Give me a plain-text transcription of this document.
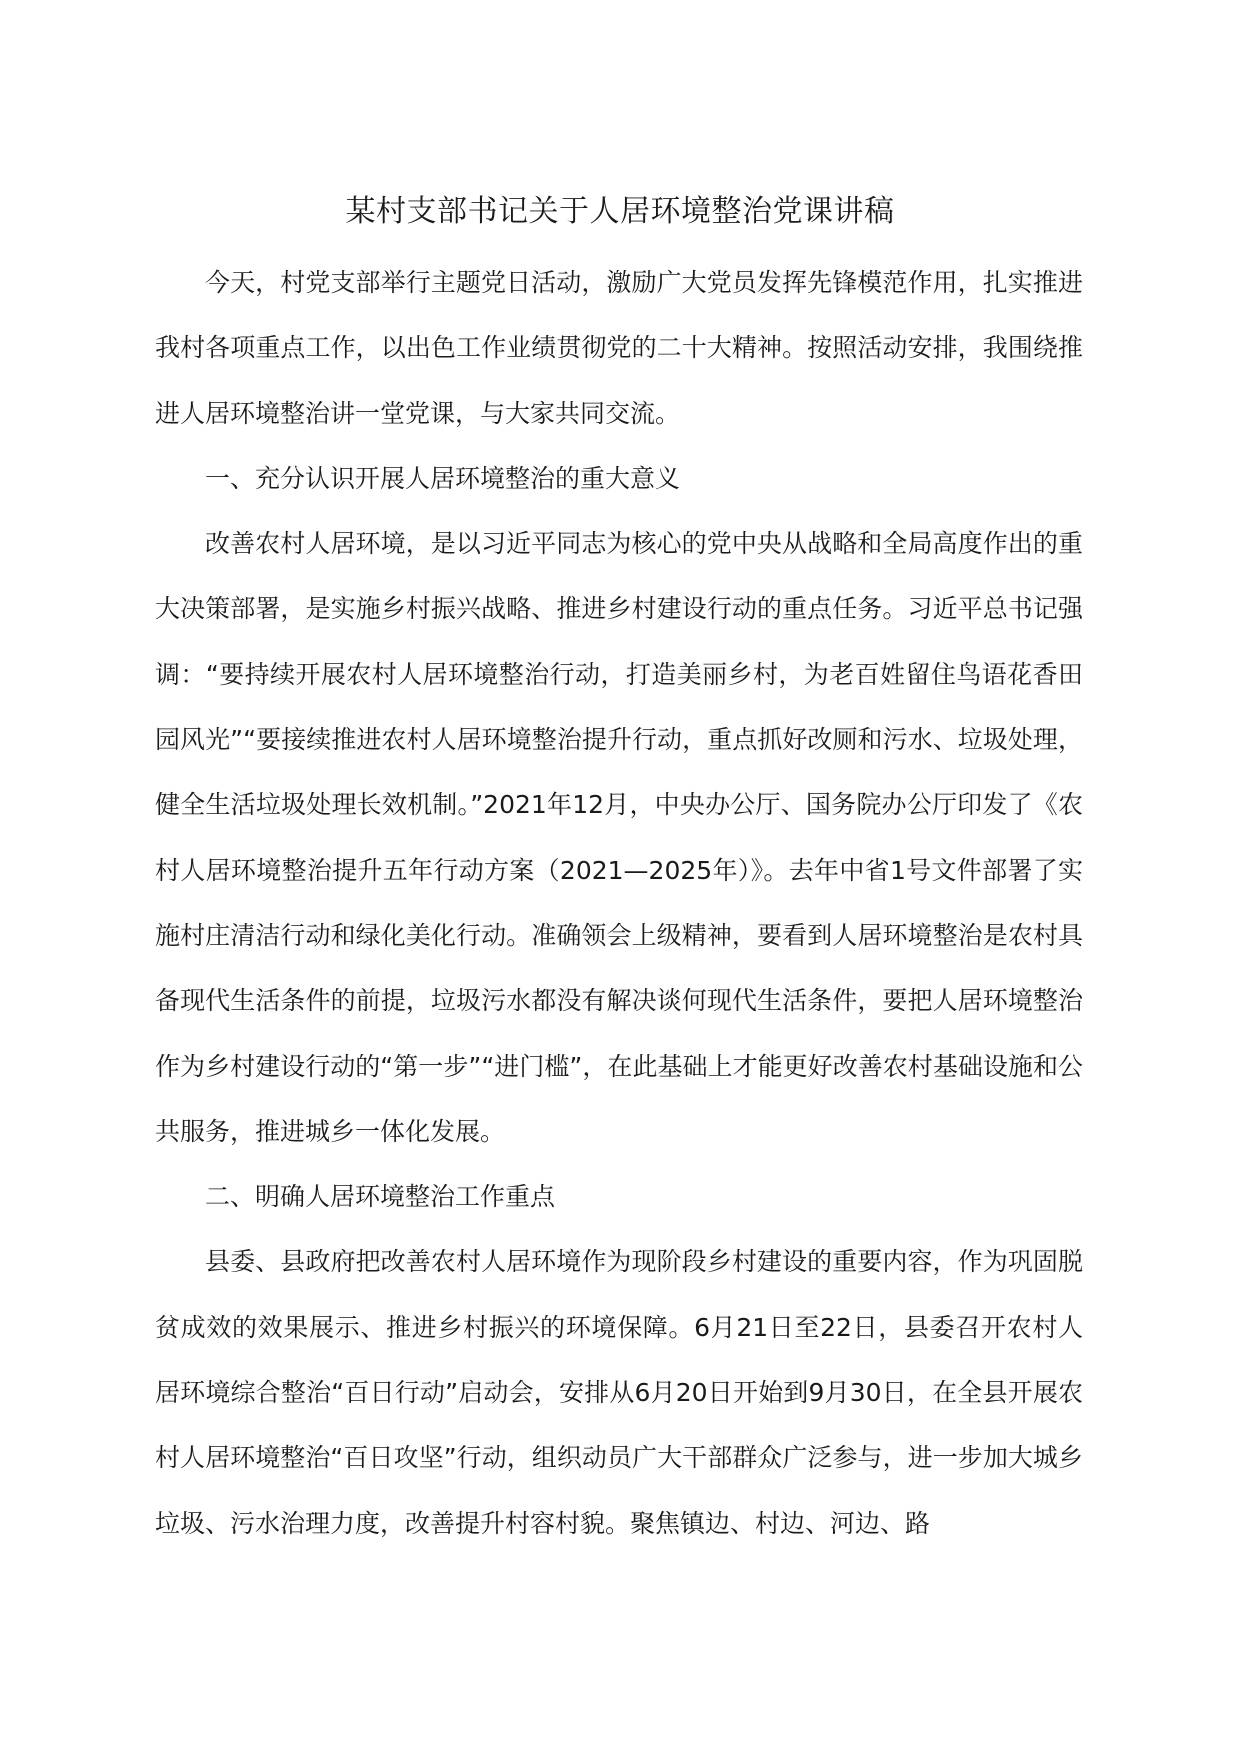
某村支部书记关于人居环境整治党课讲稿

今天，村党支部举行主题党日活动，激励广大党员发挥先锋模范作用，扎实推进我村各项重点工作，以出色工作业绩贯彻党的二十大精神。按照活动安排，我围绕推进人居环境整治讲一堂党课，与大家共同交流。

一、充分认识开展人居环境整治的重大意义

改善农村人居环境，是以习近平同志为核心的党中央从战略和全局高度作出的重大决策部署，是实施乡村振兴战略、推进乡村建设行动的重点任务。习近平总书记强调：“要持续开展农村人居环境整治行动，打造美丽乡村，为老百姓留住鸟语花香田园风光”“要接续推进农村人居环境整治提升行动，重点抓好改厕和污水、垃圾处理，健全生活垃圾处理长效机制。”2021年12月，中央办公厅、国务院办公厅印发了《农村人居环境整治提升五年行动方案（2021—2025年）》。去年中省1号文件部署了实施村庄清洁行动和绿化美化行动。准确领会上级精神，要看到人居环境整治是农村具备现代生活条件的前提，垃圾污水都没有解决谈何现代生活条件，要把人居环境整治作为乡村建设行动的“第一步”“进门槛”，在此基础上才能更好改善农村基础设施和公共服务，推进城乡一体化发展。

二、明确人居环境整治工作重点

县委、县政府把改善农村人居环境作为现阶段乡村建设的重要内容，作为巩固脱贫成效的效果展示、推进乡村振兴的环境保障。6月21日至22日，县委召开农村人居环境综合整治“百日行动”启动会，安排从6月20日开始到9月30日，在全县开展农村人居环境整治“百日攻坚”行动，组织动员广大干部群众广泛参与，进一步加大城乡垃圾、污水治理力度，改善提升村容村貌。聚焦镇边、村边、河边、路
